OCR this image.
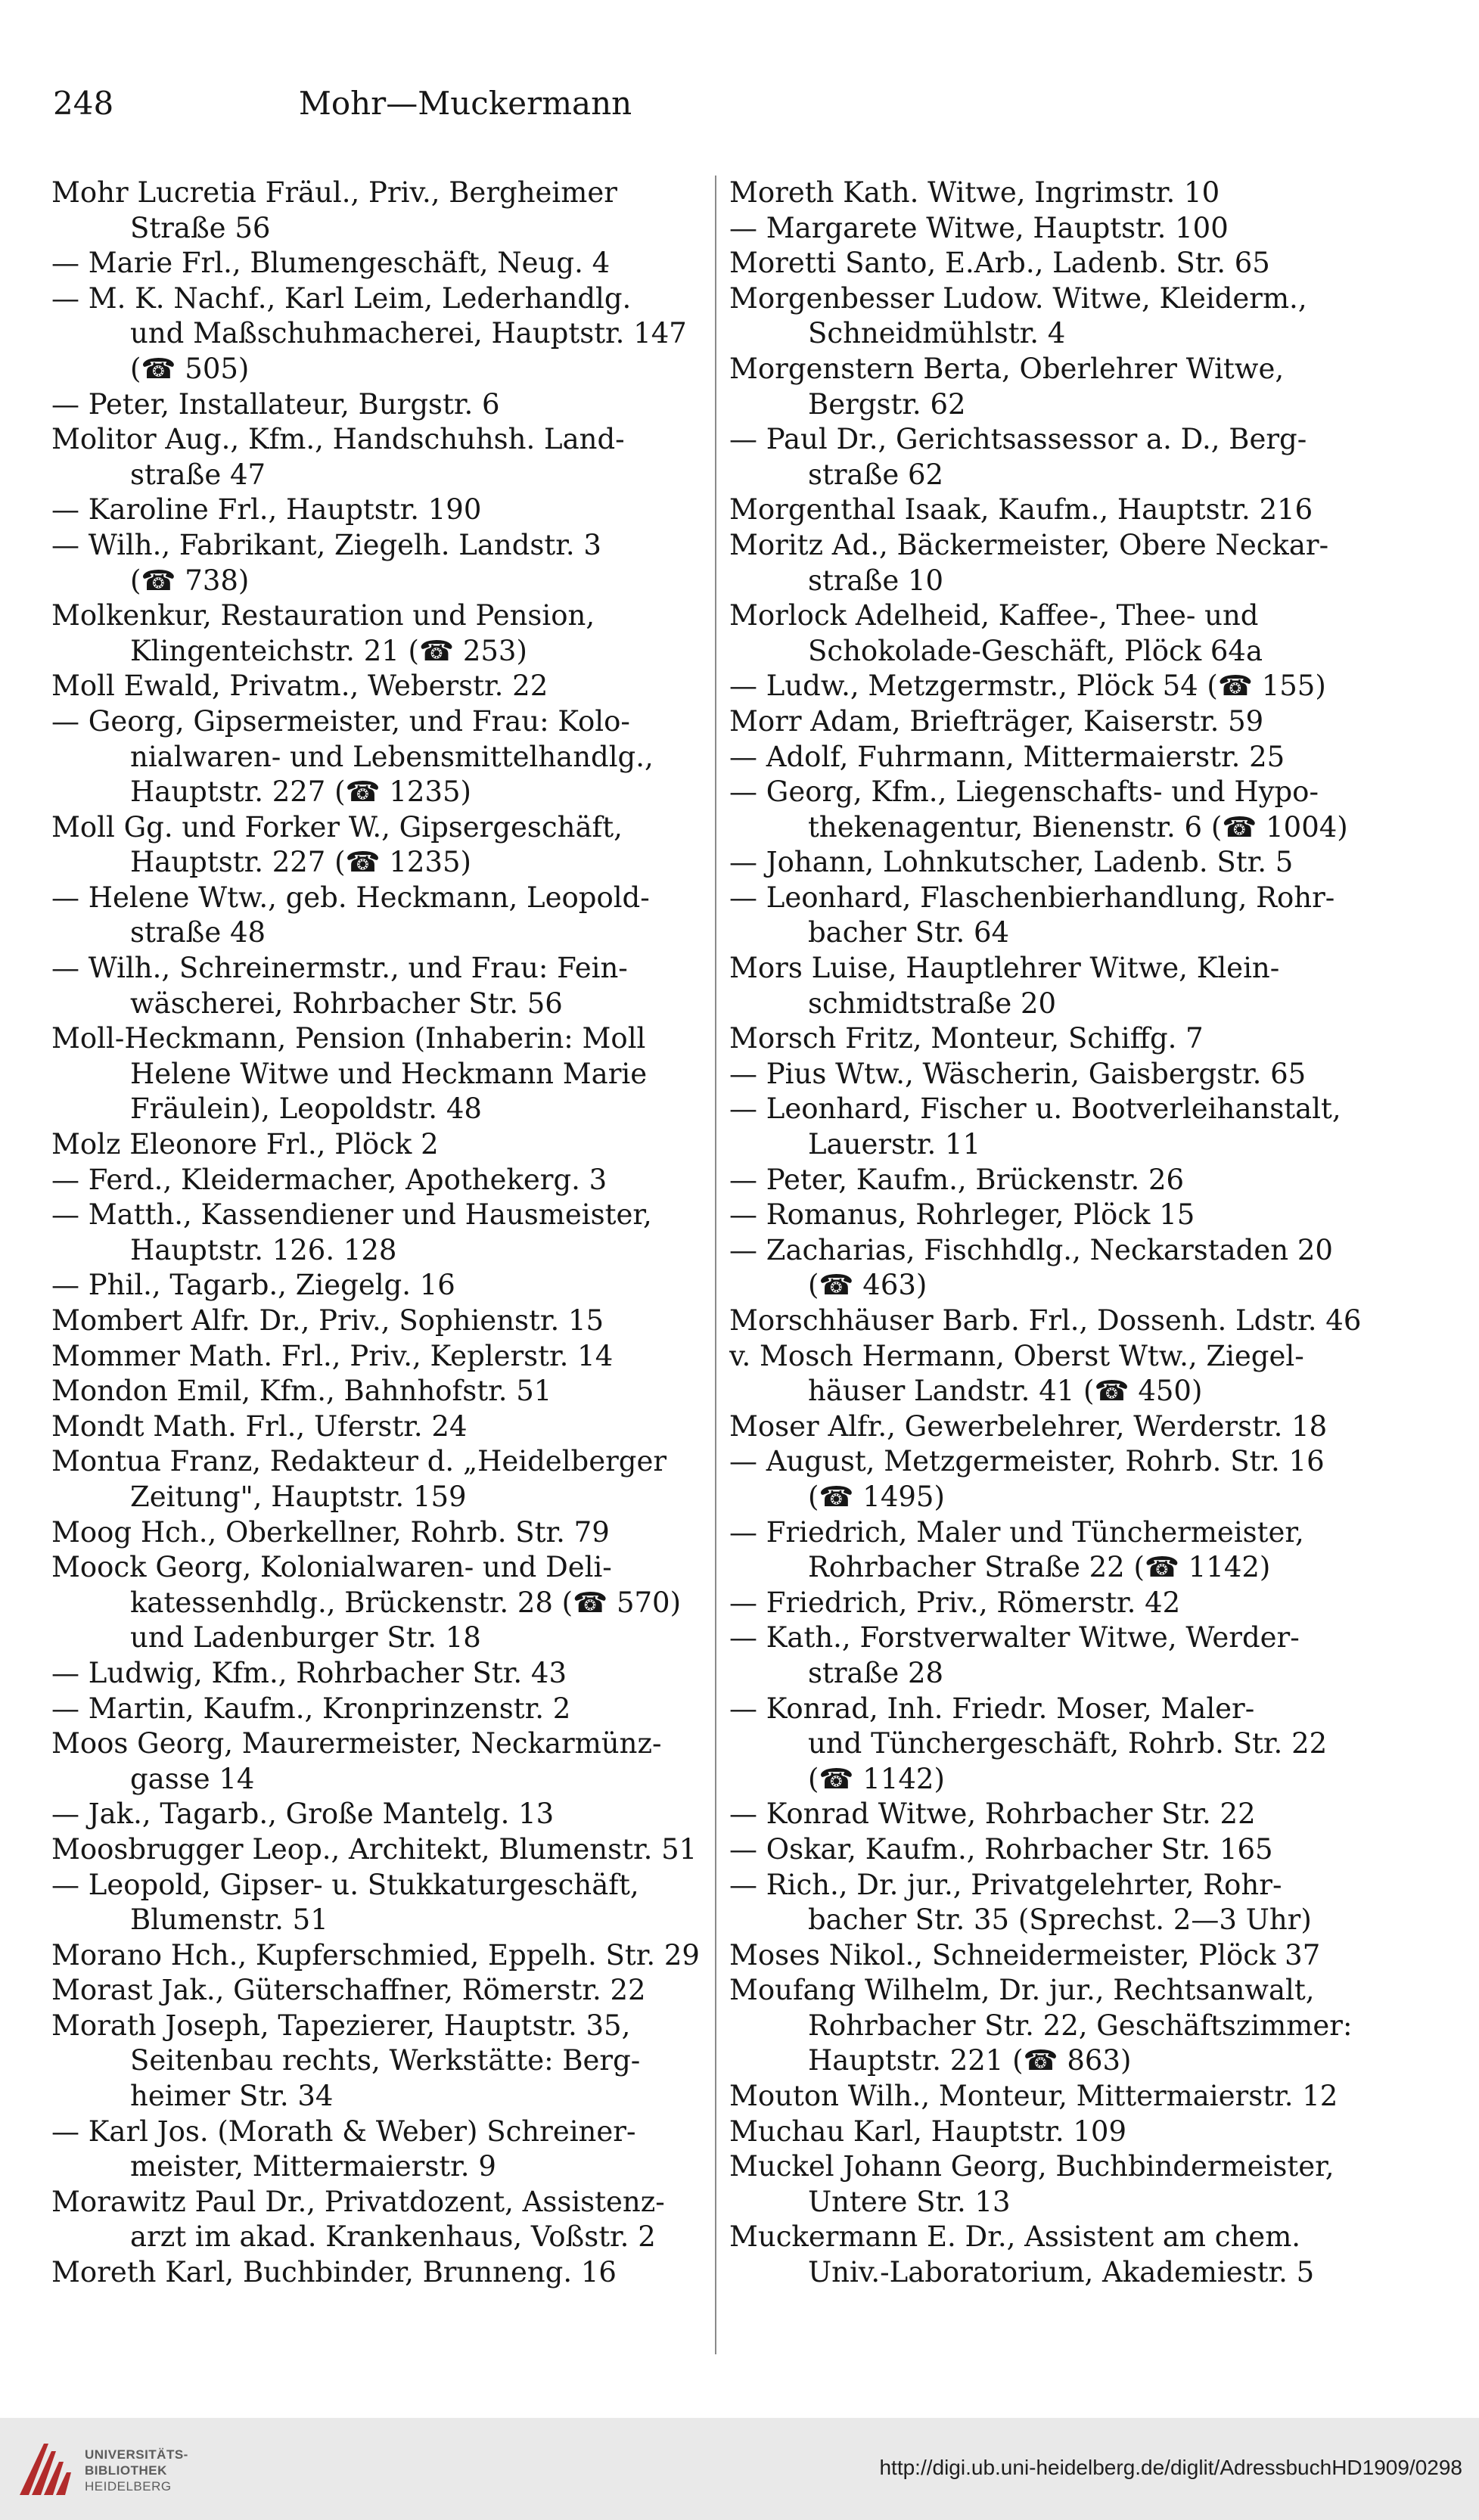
Mohr—Muckermann
248
Mohr Lucretia Fräul., Priv., Bergheimer
Straße 56
— Marie Frl., Blumengeschäft, Neug. 4
— M. K. Nachf., Karl Leim, Lederhandlg.
und Maßschuhmacherei, Hauptstr. 147
(☎ 505)
— Peter, Installateur, Burgstr. 6
Molitor Aug., Kfm., Handschuhsh. Land-
straße 47
— Karoline Frl., Hauptstr. 190
— Wilh., Fabrikant, Ziegelh. Landstr. 3
(☎ 738)
Molkenkur, Restauration und Pension,
Klingenteichstr. 21 (☎ 253)
Moll Ewald, Privatm., Weberstr. 22
— Georg, Gipsermeister, und Frau: Kolo-
nialwaren- und Lebensmittelhandlg.,
Hauptstr. 227 (☎ 1235)
Moll Gg. und Forker W., Gipsergeschäft,
Hauptstr. 227 (☎ 1235)
— Helene Wtw., geb. Heckmann, Leopold-
straße 48
— Wilh., Schreinermstr., und Frau: Fein-
wäscherei, Rohrbacher Str. 56
Moll-Heckmann, Pension (Inhaberin: Moll
Helene Witwe und Heckmann Marie
Fräulein), Leopoldstr. 48
Molz Eleonore Frl., Plöck 2
— Ferd., Kleidermacher, Apothekerg. 3
— Matth., Kassendiener und Hausmeister,
Hauptstr. 126. 128
— Phil., Tagarb., Ziegelg. 16
Mombert Alfr. Dr., Priv., Sophienstr. 15
Mommer Math. Frl., Priv., Keplerstr. 14
Mondon Emil, Kfm., Bahnhofstr. 51
Mondt Math. Frl., Uferstr. 24
Montua Franz, Redakteur d. „Heidelberger
Zeitung", Hauptstr. 159
Moog Hch., Oberkellner, Rohrb. Str. 79
Moock Georg, Kolonialwaren- und Deli-
katessenhdlg., Brückenstr. 28 (☎ 570)
und Ladenburger Str. 18
— Ludwig, Kfm., Rohrbacher Str. 43
— Martin, Kaufm., Kronprinzenstr. 2
Moos Georg, Maurermeister, Neckarmünz-
gasse 14
— Jak., Tagarb., Große Mantelg. 13
Moosbrugger Leop., Architekt, Blumenstr. 51
— Leopold, Gipser- u. Stukkaturgeschäft,
Blumenstr. 51
Morano Hch., Kupferschmied, Eppelh. Str. 29
Morast Jak., Güterschaffner, Römerstr. 22
Morath Joseph, Tapezierer, Hauptstr. 35,
Seitenbau rechts, Werkstätte: Berg-
heimer Str. 34
— Karl Jos. (Morath & Weber) Schreiner-
meister, Mittermaierstr. 9
Morawitz Paul Dr., Privatdozent, Assistenz-
arzt im akad. Krankenhaus, Voßstr. 2
Moreth Karl, Buchbinder, Brunneng. 16
Moreth Kath. Witwe, Ingrimstr. 10
— Margarete Witwe, Hauptstr. 100
Moretti Santo, E.Arb., Ladenb. Str. 65
Morgenbesser Ludow. Witwe, Kleiderm.,
Schneidmühlstr. 4
Morgenstern Berta, Oberlehrer Witwe,
Bergstr. 62
— Paul Dr., Gerichtsassessor a. D., Berg-
straße 62
Morgenthal Isaak, Kaufm., Hauptstr. 216
Moritz Ad., Bäckermeister, Obere Neckar-
straße 10
Morlock Adelheid, Kaffee-, Thee- und
Schokolade-Geschäft, Plöck 64a
— Ludw., Metzgermstr., Plöck 54 (☎ 155)
Morr Adam, Briefträger, Kaiserstr. 59
— Adolf, Fuhrmann, Mittermaierstr. 25
— Georg, Kfm., Liegenschafts- und Hypo-
thekenagentur, Bienenstr. 6 (☎ 1004)
— Johann, Lohnkutscher, Ladenb. Str. 5
— Leonhard, Flaschenbierhandlung, Rohr-
bacher Str. 64
Mors Luise, Hauptlehrer Witwe, Klein-
schmidtstraße 20
Morsch Fritz, Monteur, Schiffg. 7
— Pius Wtw., Wäscherin, Gaisbergstr. 65
— Leonhard, Fischer u. Bootverleihanstalt,
Lauerstr. 11
— Peter, Kaufm., Brückenstr. 26
— Romanus, Rohrleger, Plöck 15
— Zacharias, Fischhdlg., Neckarstaden 20
(☎ 463)
Morschhäuser Barb. Frl., Dossenh. Ldstr. 46
v. Mosch Hermann, Oberst Wtw., Ziegel-
häuser Landstr. 41 (☎ 450)
Moser Alfr., Gewerbelehrer, Werderstr. 18
— August, Metzgermeister, Rohrb. Str. 16
(☎ 1495)
— Friedrich, Maler und Tünchermeister,
Rohrbacher Straße 22 (☎ 1142)
— Friedrich, Priv., Römerstr. 42
— Kath., Forstverwalter Witwe, Werder-
straße 28
— Konrad, Inh. Friedr. Moser, Maler-
und Tünchergeschäft, Rohrb. Str. 22
(☎ 1142)
— Konrad Witwe, Rohrbacher Str. 22
— Oskar, Kaufm., Rohrbacher Str. 165
— Rich., Dr. jur., Privatgelehrter, Rohr-
bacher Str. 35 (Sprechst. 2—3 Uhr)
Moses Nikol., Schneidermeister, Plöck 37
Moufang Wilhelm, Dr. jur., Rechtsanwalt,
Rohrbacher Str. 22, Geschäftszimmer:
Hauptstr. 221 (☎ 863)
Mouton Wilh., Monteur, Mittermaierstr. 12
Muchau Karl, Hauptstr. 109
Muckel Johann Georg, Buchbindermeister,
Untere Str. 13
Muckermann E. Dr., Assistent am chem.
Univ.-Laboratorium, Akademiestr. 5
UNIVERSITÄTS-
BIBLIOTHEK
HEIDELBERG
http://digi.ub.uni-heidelberg.de/diglit/AdressbuchHD1909/0298
